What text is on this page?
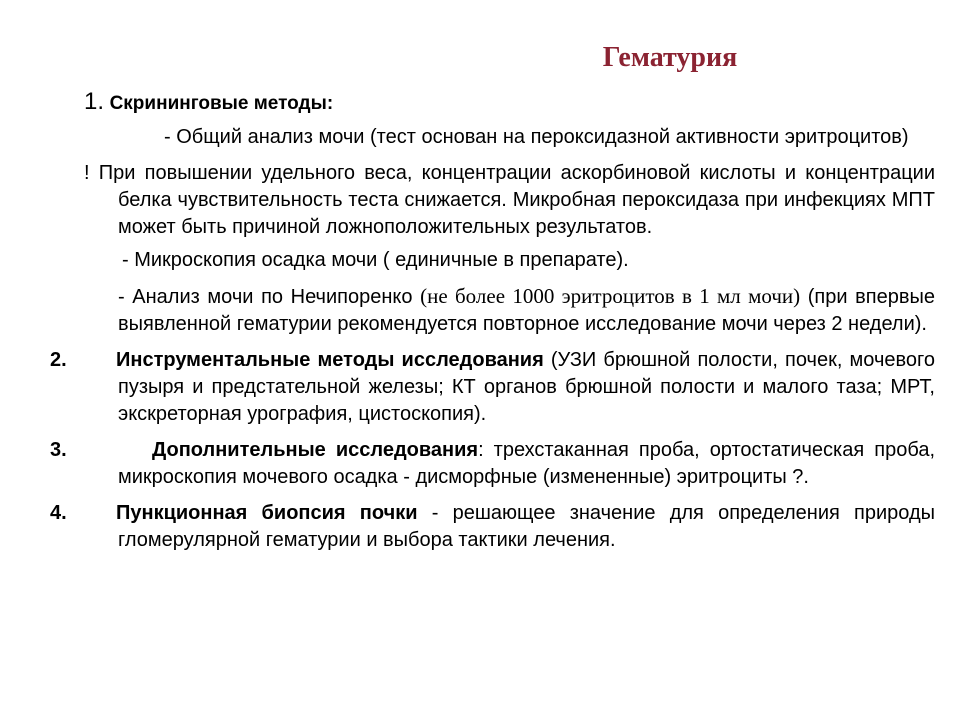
Гематурия
1. Скрининговые методы:
- Общий анализ мочи (тест основан на пероксидазной активности эритроцитов)
! При повышении удельного веса, концентрации аскорбиновой кислоты и концентрации белка чувствительность теста снижается. Микробная пероксидаза при инфекциях МПТ может быть причиной ложноположительных результатов.
- Микроскопия осадка мочи ( единичные в препарате).
- Анализ мочи по Нечипоренко (не более 1000 эритроцитов в 1 мл мочи) (при впервые выявленной гематурии рекомендуется повторное исследование мочи через 2 недели).
2. Инструментальные методы исследования (УЗИ брюшной полости, почек, мочевого пузыря и предстательной железы; КТ органов брюшной полости и малого таза; МРТ, экскреторная урография, цистоскопия).
3.	Дополнительные исследования: трехстаканная проба, ортостатическая проба, микроскопия мочевого осадка - дисморфные (измененные) эритроциты ?.
4. Пункционная биопсия почки - решающее значение для определения природы гломерулярной гематурии и выбора тактики лечения.
